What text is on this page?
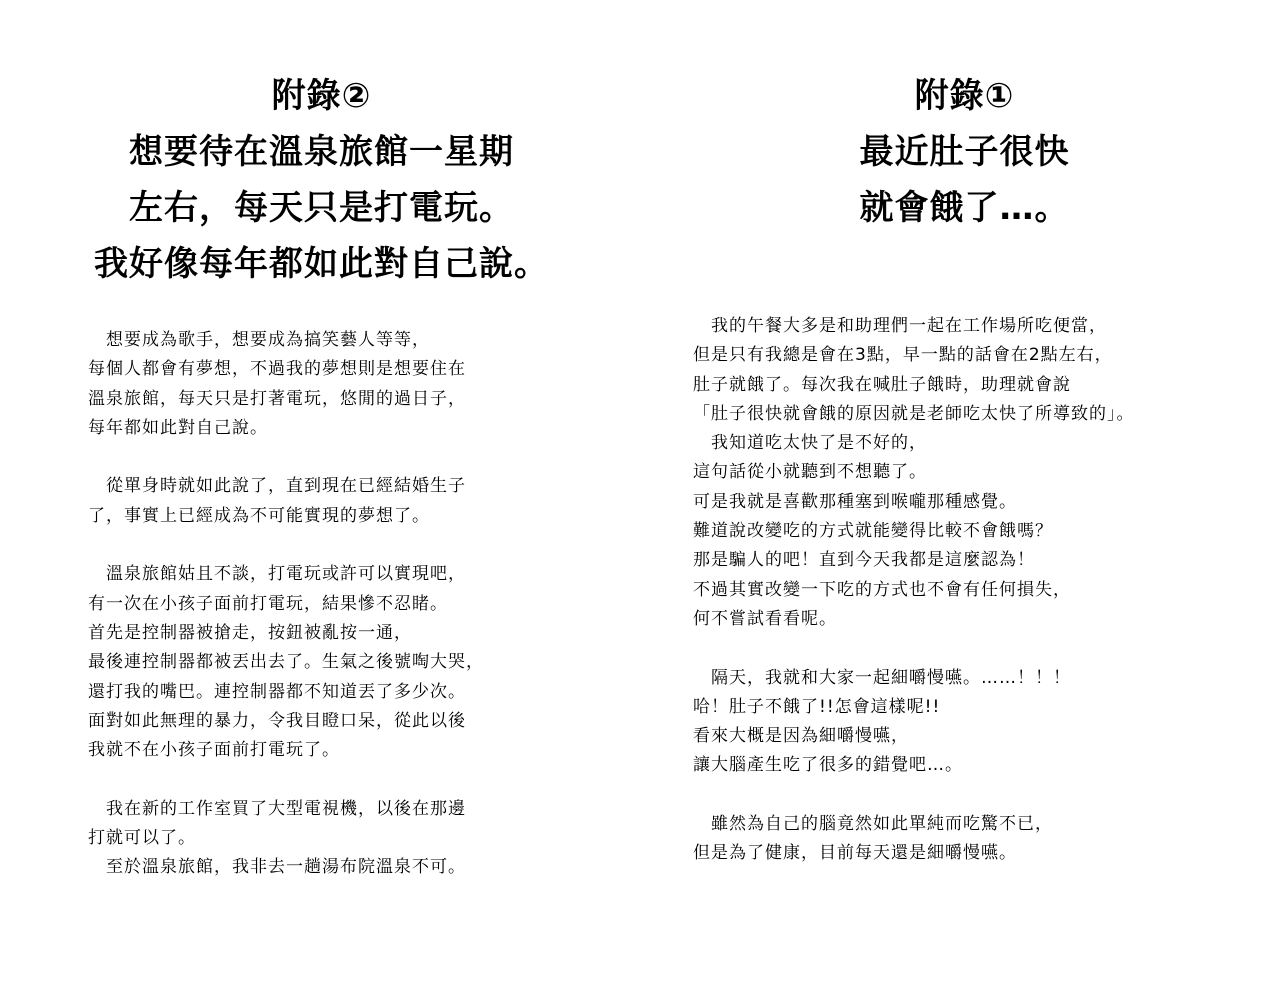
附錄②
想要待在溫泉旅館一星期
左右，每天只是打電玩。
我好像每年都如此對自己說。

　想要成為歌手，想要成為搞笑藝人等等，

每個人都會有夢想，不過我的夢想則是想要住在

溫泉旅館，每天只是打著電玩，悠閒的過日子，

每年都如此對自己說。

　從單身時就如此說了，直到現在已經結婚生子

了，事實上已經成為不可能實現的夢想了。

　溫泉旅館姑且不談，打電玩或許可以實現吧，

有一次在小孩子面前打電玩，結果慘不忍睹。

首先是控制器被搶走，按鈕被亂按一通，

最後連控制器都被丟出去了。生氣之後號啕大哭，

還打我的嘴巴。連控制器都不知道丟了多少次。

面對如此無理的暴力，令我目瞪口呆，從此以後

我就不在小孩子面前打電玩了。

　我在新的工作室買了大型電視機，以後在那邊

打就可以了。

　至於溫泉旅館，我非去一趟湯布院溫泉不可。

附錄①
最近肚子很快
就會餓了…。

　我的午餐大多是和助理們一起在工作場所吃便當，

但是只有我總是會在3點，早一點的話會在2點左右，

肚子就餓了。每次我在喊肚子餓時，助理就會說

「肚子很快就會餓的原因就是老師吃太快了所導致的」。

　我知道吃太快了是不好的，

這句話從小就聽到不想聽了。

可是我就是喜歡那種塞到喉嚨那種感覺。

難道說改變吃的方式就能變得比較不會餓嗎？

那是騙人的吧！直到今天我都是這麼認為！

不過其實改變一下吃的方式也不會有任何損失，

何不嘗試看看呢。

　隔天，我就和大家一起細嚼慢嚥。……！！！

哈！肚子不餓了!!怎會這樣呢!!

看來大概是因為細嚼慢嚥，

讓大腦產生吃了很多的錯覺吧…。

　雖然為自己的腦竟然如此單純而吃驚不已，

但是為了健康，目前每天還是細嚼慢嚥。
